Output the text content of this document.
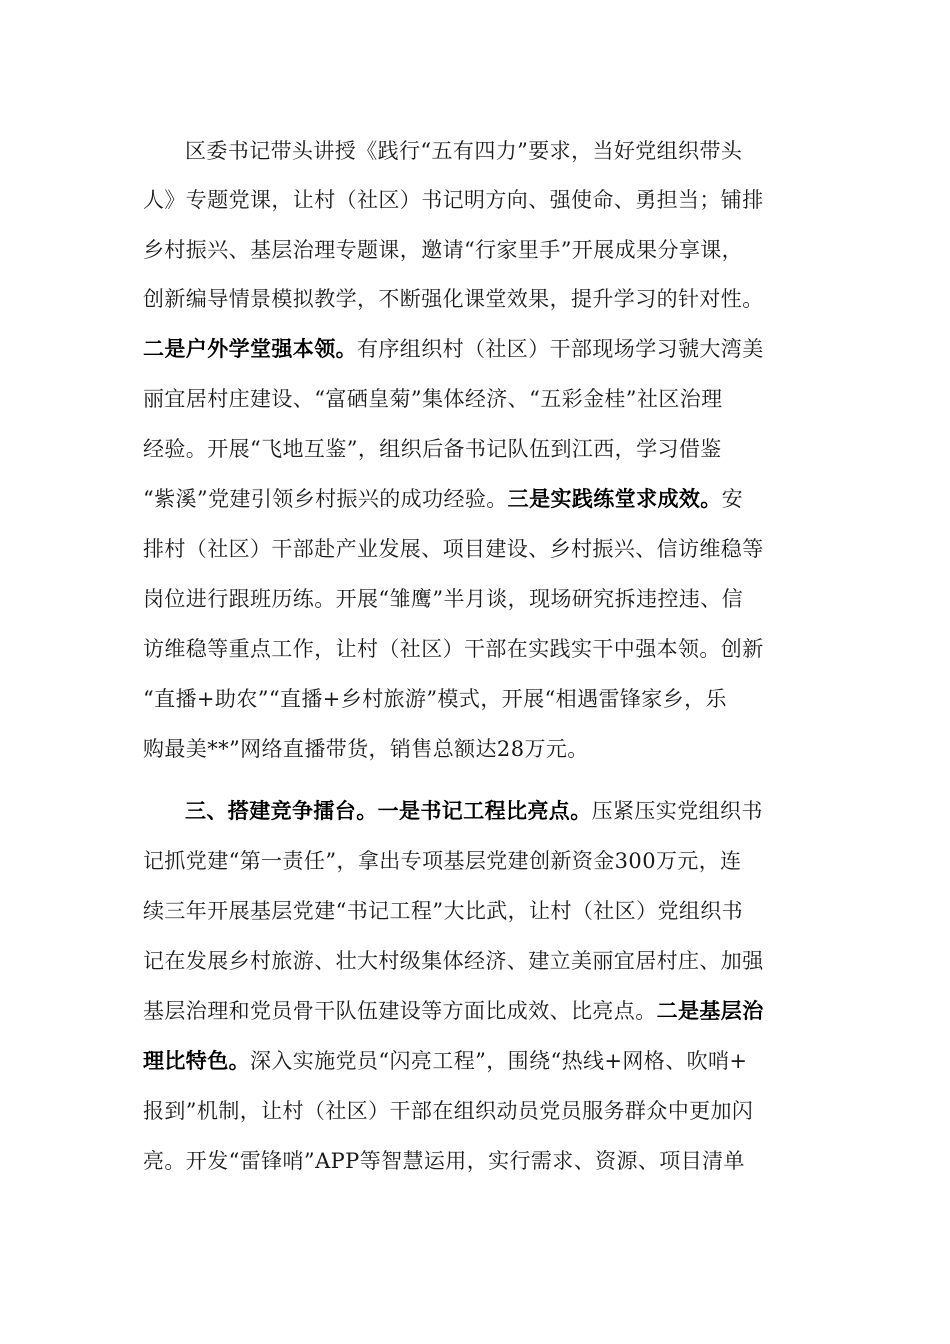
区委书记带头讲授《践行“五有四力”要求，当好党组织带头
人》专题党课，让村（社区）书记明方向、强使命、勇担当；铺排
乡村振兴、基层治理专题课，邀请“行家里手”开展成果分享课，
创新编导情景模拟教学，不断强化课堂效果，提升学习的针对性。
二是户外学堂强本领。有序组织村（社区）干部现场学习虢大湾美
丽宜居村庄建设、“富硒皇菊”集体经济、“五彩金桂”社区治理
经验。开展“飞地互鉴”，组织后备书记队伍到江西，学习借鉴
“紫溪”党建引领乡村振兴的成功经验。三是实践练堂求成效。安
排村（社区）干部赴产业发展、项目建设、乡村振兴、信访维稳等
岗位进行跟班历练。开展“雏鹰”半月谈，现场研究拆违控违、信
访维稳等重点工作，让村（社区）干部在实践实干中强本领。创新
“直播+助农”“直播+乡村旅游”模式，开展“相遇雷锋家乡，乐
购最美**”网络直播带货，销售总额达28万元。
三、搭建竞争擂台。一是书记工程比亮点。压紧压实党组织书
记抓党建“第一责任”，拿出专项基层党建创新资金300万元，连
续三年开展基层党建“书记工程”大比武，让村（社区）党组织书
记在发展乡村旅游、壮大村级集体经济、建立美丽宜居村庄、加强
基层治理和党员骨干队伍建设等方面比成效、比亮点。二是基层治
理比特色。深入实施党员“闪亮工程”，围绕“热线+网格、吹哨+
报到”机制，让村（社区）干部在组织动员党员服务群众中更加闪
亮。开发“雷锋哨”APP等智慧运用，实行需求、资源、项目清单
